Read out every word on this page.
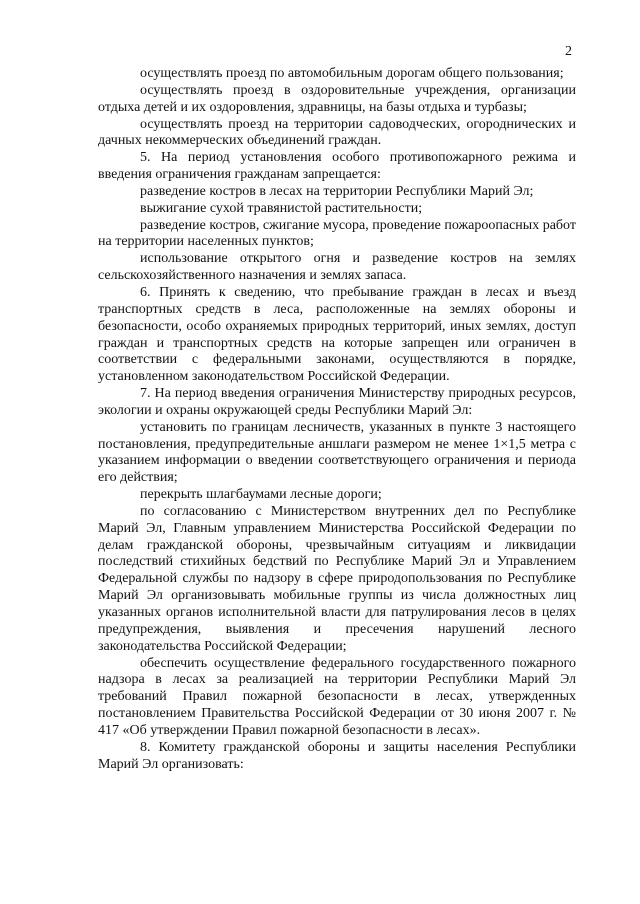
2

осуществлять проезд по автомобильным дорогам общего пользования;

осуществлять проезд в оздоровительные учреждения, организации отдыха детей и их оздоровления, здравницы, на базы отдыха и турбазы;

осуществлять проезд на территории садоводческих, огороднических и дачных некоммерческих объединений граждан.

5. На период установления особого противопожарного режима и введения ограничения гражданам запрещается:

разведение костров в лесах на территории Республики Марий Эл;

выжигание сухой травянистой растительности;

разведение костров, сжигание мусора, проведение пожароопасных работ на территории населенных пунктов;

использование открытого огня и разведение костров на землях сельскохозяйственного назначения и землях запаса.

6. Принять к сведению, что пребывание граждан в лесах и въезд транспортных средств в леса, расположенные на землях обороны и безопасности, особо охраняемых природных территорий, иных землях, доступ граждан и транспортных средств на которые запрещен или ограничен в соответствии с федеральными законами, осуществляются в порядке, установленном законодательством Российской Федерации.

7. На период введения ограничения Министерству природных ресурсов, экологии и охраны окружающей среды Республики Марий Эл:

установить по границам лесничеств, указанных в пункте 3 настоящего постановления, предупредительные аншлаги размером не менее 1×1,5 метра с указанием информации о введении соответствующего ограничения и периода его действия;

перекрыть шлагбаумами лесные дороги;

по согласованию с Министерством внутренних дел по Республике Марий Эл, Главным управлением Министерства Российской Федерации по делам гражданской обороны, чрезвычайным ситуациям и ликвидации последствий стихийных бедствий по Республике Марий Эл и Управлением Федеральной службы по надзору в сфере природопользования по Республике Марий Эл организовывать мобильные группы из числа должностных лиц указанных органов исполнительной власти для патрулирования лесов в целях предупреждения, выявления и пресечения нарушений лесного законодательства Российской Федерации;

обеспечить осуществление федерального государственного пожарного надзора в лесах за реализацией на территории Республики Марий Эл требований Правил пожарной безопасности в лесах, утвержденных постановлением Правительства Российской Федерации от 30 июня 2007 г. № 417 «Об утверждении Правил пожарной безопасности в лесах».

8. Комитету гражданской обороны и защиты населения Республики Марий Эл организовать:
